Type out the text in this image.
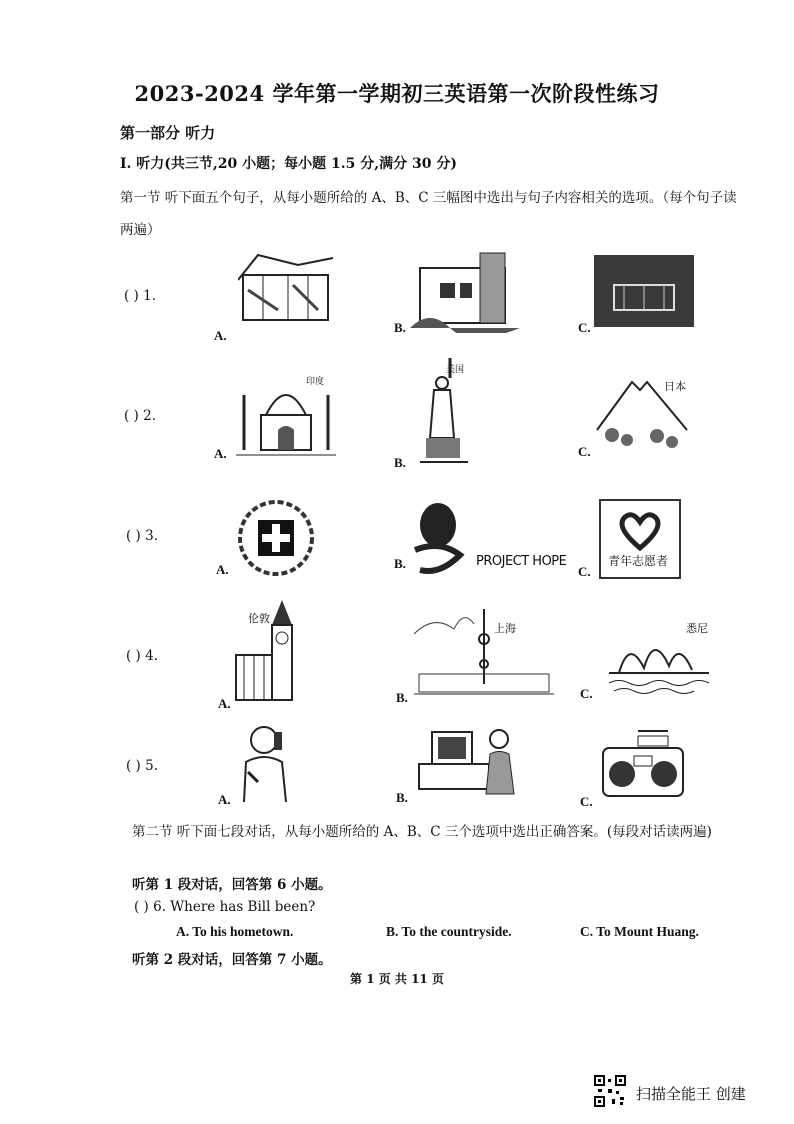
2023-2024 学年第一学期初三英语第一次阶段性练习
第一部分 听力
Ⅰ. 听力(共三节,20 小题；每小题 1.5 分,满分 30 分)
第一节 听下面五个句子，从每小题所给的 A、B、C 三幅图中选出与句子内容相关的选项。（每个句子读两遍）
( ) 1.
A.
B.	C.
( ) 2.
A.
印度
B.
美国
C.
日本
( ) 3.
A.	B.	PROJECT HOPE
C.
青年志愿者
( ) 4.
A.
伦敦
B.
上海
C.
悉尼
( ) 5.
A.	B.	C.
第二节 听下面七段对话，从每小题所给的 A、B、C 三个选项中选出正确答案。(每段对话读两遍)
听第 1 段对话，回答第 6 小题。
( ) 6. Where has Bill been?
A. To his hometown.	B. To the countryside.	C. To Mount Huang.
听第 2 段对话，回答第 7 小题。
第 1 页 共 11 页
扫描全能王 创建
